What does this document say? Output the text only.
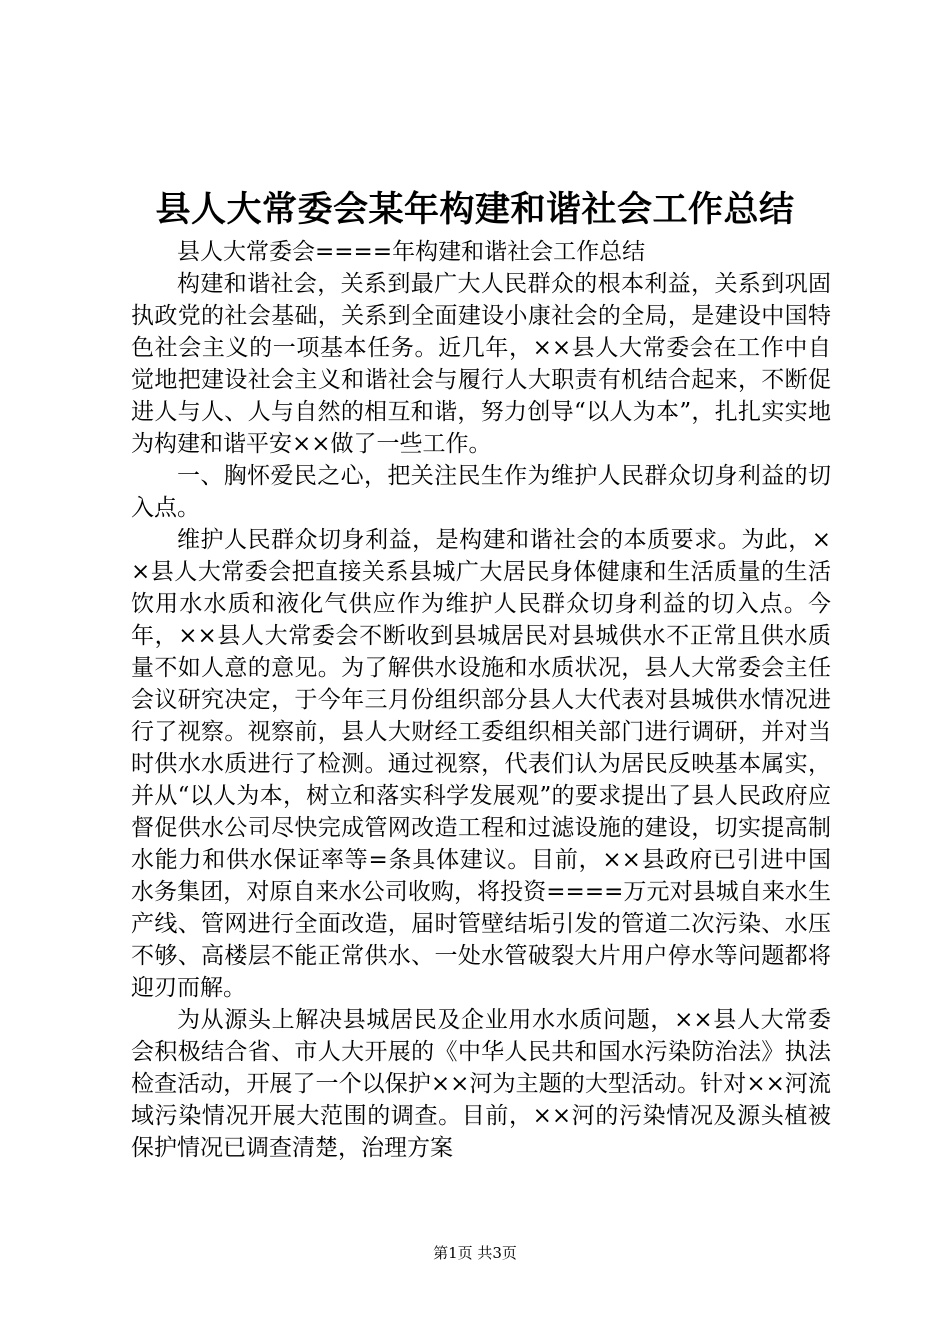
县人大常委会某年构建和谐社会工作总结

县人大常委会====年构建和谐社会工作总结

构建和谐社会，关系到最广大人民群众的根本利益，关系到巩固执政党的社会基础，关系到全面建设小康社会的全局，是建设中国特色社会主义的一项基本任务。近几年，××县人大常委会在工作中自觉地把建设社会主义和谐社会与履行人大职责有机结合起来，不断促进人与人、人与自然的相互和谐，努力创导“以人为本”，扎扎实实地为构建和谐平安××做了一些工作。

一、胸怀爱民之心，把关注民生作为维护人民群众切身利益的切入点。

维护人民群众切身利益，是构建和谐社会的本质要求。为此，××县人大常委会把直接关系县城广大居民身体健康和生活质量的生活饮用水水质和液化气供应作为维护人民群众切身利益的切入点。今年，××县人大常委会不断收到县城居民对县城供水不正常且供水质量不如人意的意见。为了解供水设施和水质状况，县人大常委会主任会议研究决定，于今年三月份组织部分县人大代表对县城供水情况进行了视察。视察前，县人大财经工委组织相关部门进行调研，并对当时供水水质进行了检测。通过视察，代表们认为居民反映基本属实，并从“以人为本，树立和落实科学发展观”的要求提出了县人民政府应督促供水公司尽快完成管网改造工程和过滤设施的建设，切实提高制水能力和供水保证率等=条具体建议。目前，××县政府已引进中国水务集团，对原自来水公司收购，将投资====万元对县城自来水生产线、管网进行全面改造，届时管壁结垢引发的管道二次污染、水压不够、高楼层不能正常供水、一处水管破裂大片用户停水等问题都将迎刃而解。

为从源头上解决县城居民及企业用水水质问题，××县人大常委会积极结合省、市人大开展的《中华人民共和国水污染防治法》执法检查活动，开展了一个以保护××河为主题的大型活动。针对××河流域污染情况开展大范围的调查。目前，××河的污染情况及源头植被保护情况已调查清楚，治理方案

第1页 共3页
